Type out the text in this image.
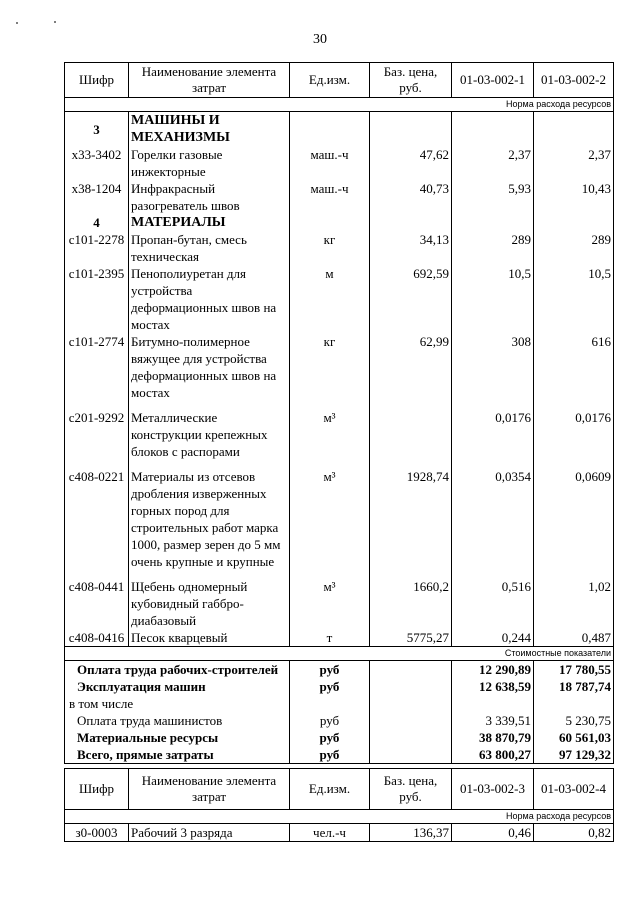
30
Шифр	Наименование элемента затрат	Ед.изм.	Баз. цена, руб.	01-03-002-1	01-03-002-2
Норма расхода ресурсов					
3	МАШИНЫ И МЕХАНИЗМЫ				
х33-3402	Горелки газовые инжекторные	маш.-ч	47,62	2,37	2,37
х38-1204	Инфракрасный разогреватель швов	маш.-ч	40,73	5,93	10,43
4	МАТЕРИАЛЫ				
с101-2278	Пропан-бутан, смесь техническая	кг	34,13	289	289
с101-2395	Пенополиуретан для устройства деформационных швов на мостах	м	692,59	10,5	10,5
с101-2774	Битумно-полимерное вяжущее для устройства деформационных швов на мостах	кг	62,99	308	616
с201-9292	Металлические конструкции крепежных блоков с распорами	м³		0,0176	0,0176
с408-0221	Материалы из отсевов дробления изверженных горных пород для строительных работ марка 1000, размер зерен до 5 мм очень крупные и крупные	м³	1928,74	0,0354	0,0609
с408-0441	Щебень одномерный кубовидный габбро-диабазовый	м³	1660,2	0,516	1,02
с408-0416	Песок кварцевый	т	5775,27	0,244	0,487
Стоимостные показатели					
Оплата труда рабочих-строителей		руб		12 290,89	17 780,55
Эксплуатация машин		руб		12 638,59	18 787,74
в том числе					
Оплата труда машинистов		руб		3 339,51	5 230,75
Материальные ресурсы		руб		38 870,79	60 561,03
Всего, прямые затраты		руб		63 800,27	97 129,32
Шифр	Наименование элемента затрат	Ед.изм.	Баз. цена, руб.	01-03-002-3	01-03-002-4
Норма расхода ресурсов					
з0-0003	Рабочий 3 разряда	чел.-ч	136,37	0,46	0,82
